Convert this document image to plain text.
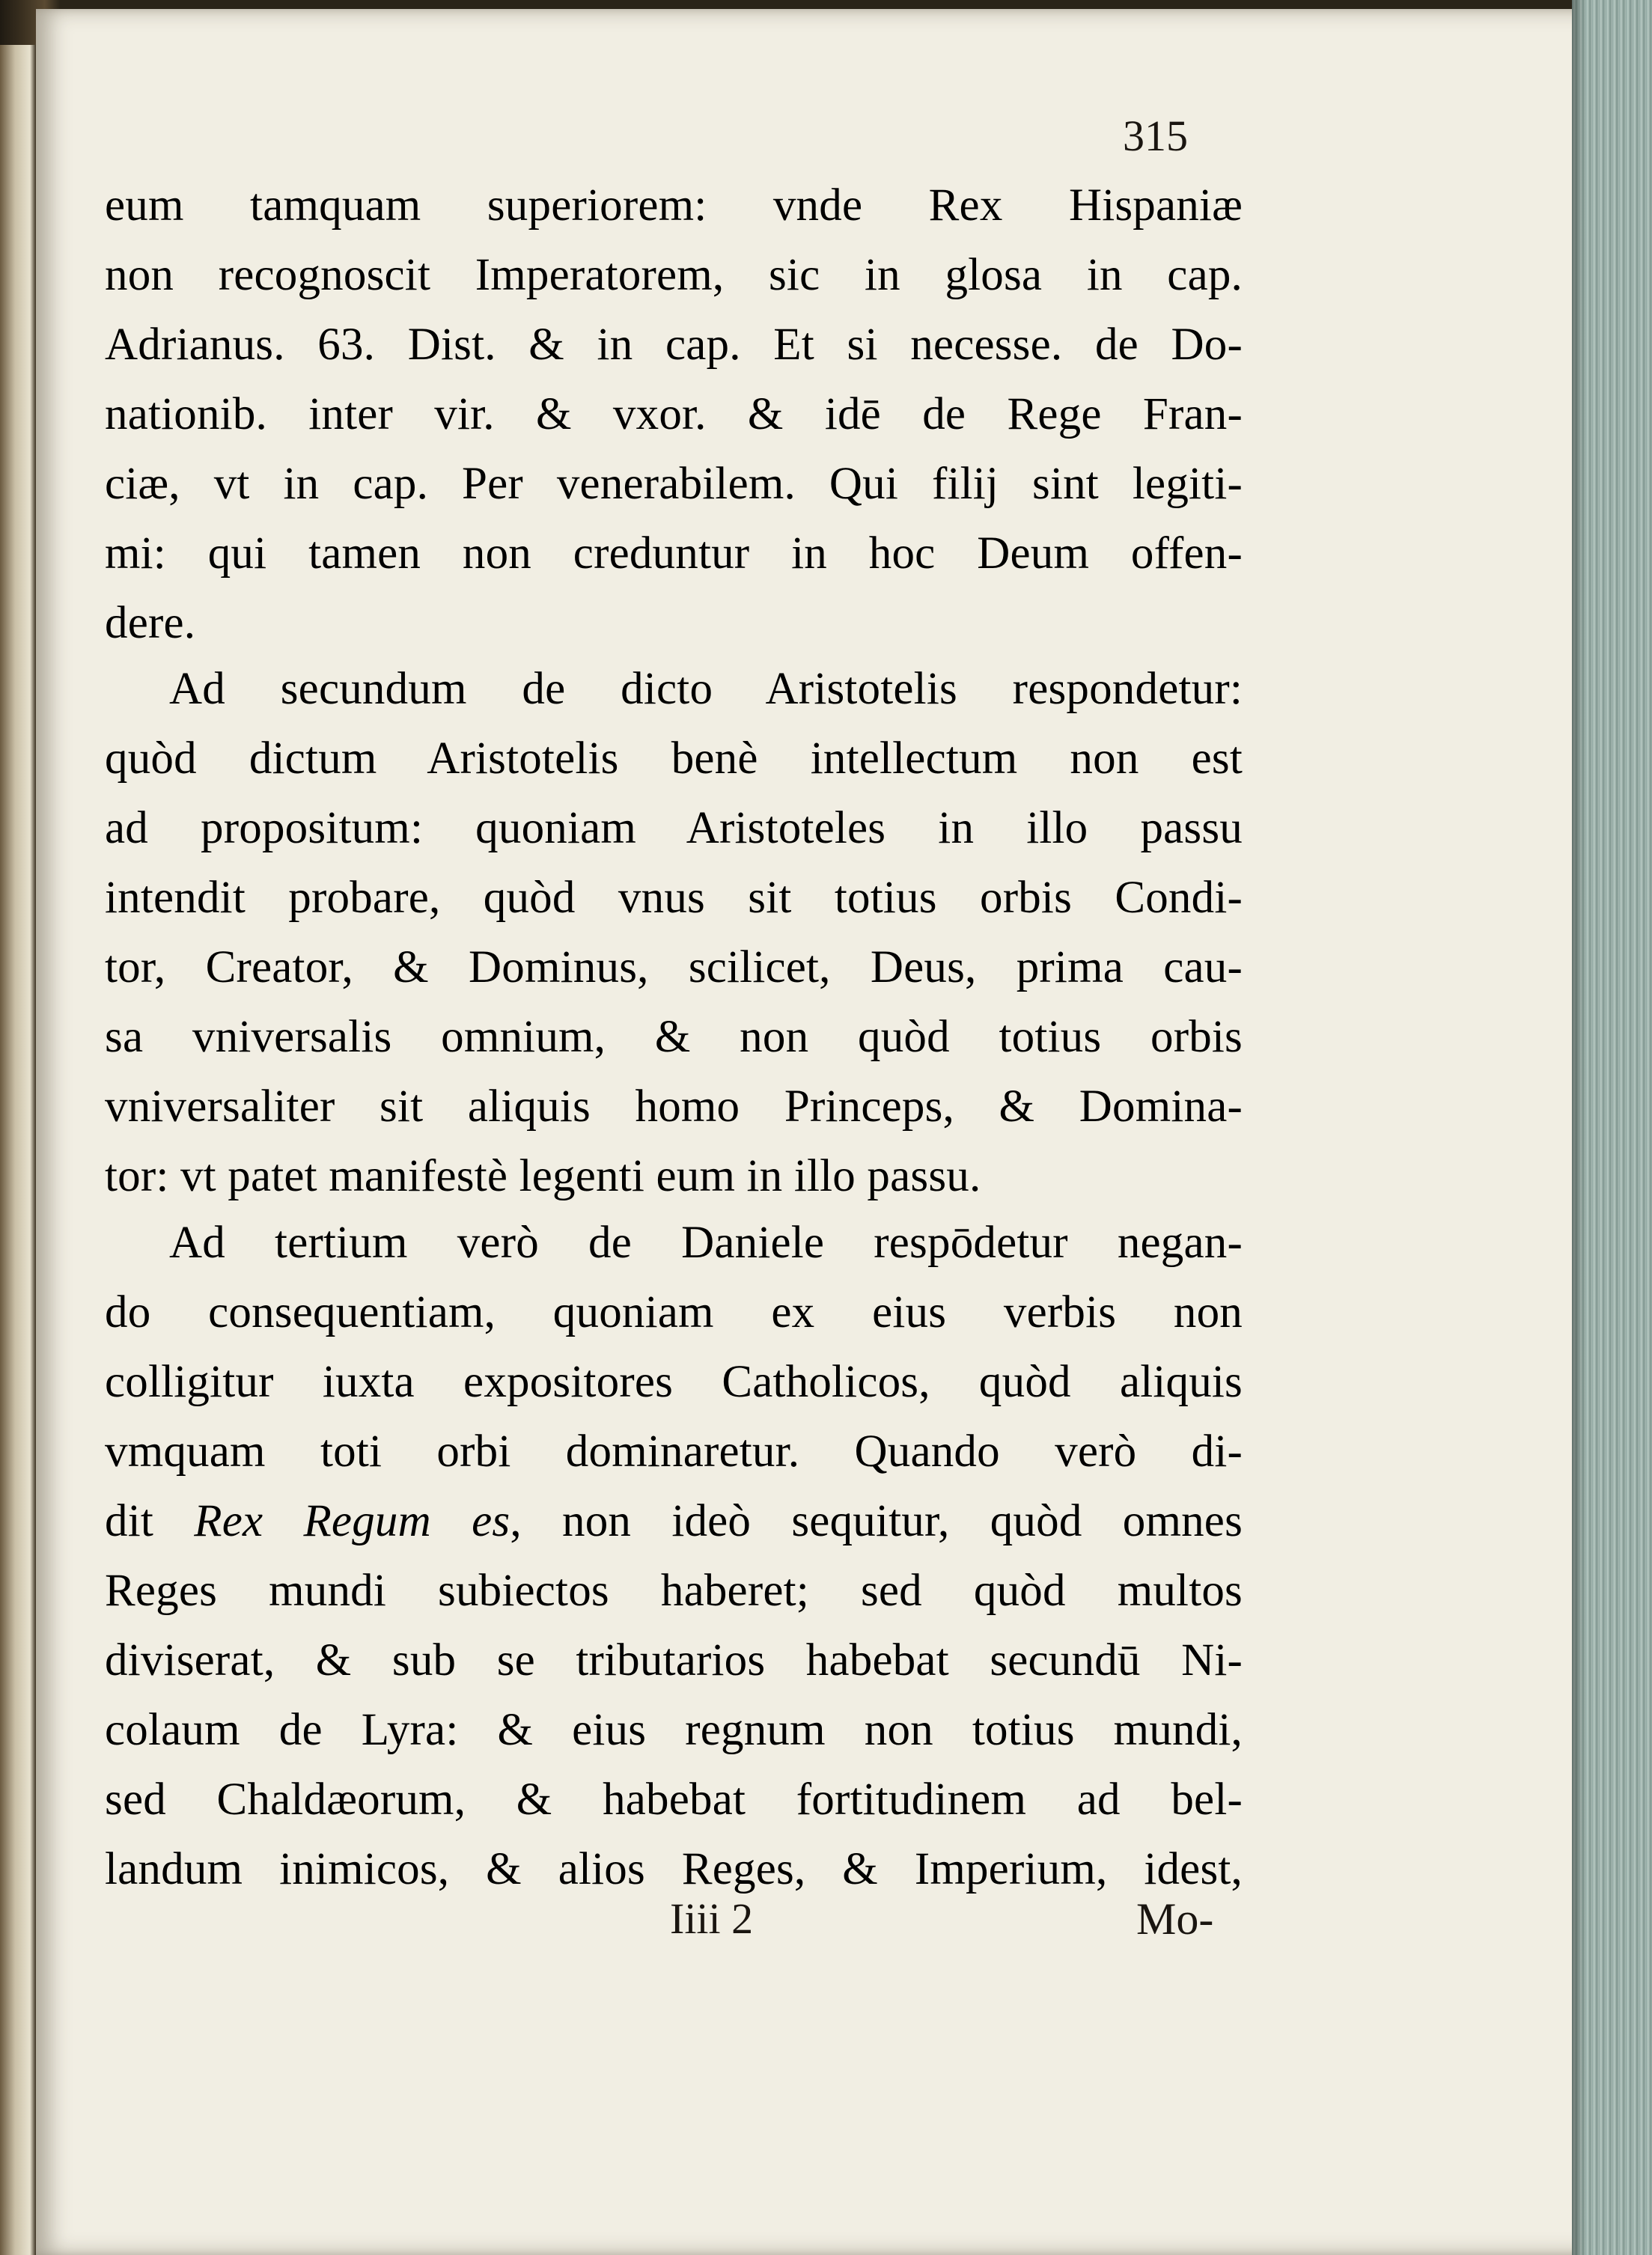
315
eum tamquam superiorem: vnde Rex Hispaniæ
non recognoscit Imperatorem, sic in glosa in cap.
Adrianus. 63. Dist. & in cap. Et si necesse. de Do-
nationib. inter vir. & vxor. & idē de Rege Fran-
ciæ, vt in cap. Per venerabilem. Qui filij sint legiti-
mi: qui tamen non creduntur in hoc Deum offen-
dere.
Ad secundum de dicto Aristotelis respondetur:
quòd dictum Aristotelis benè intellectum non est
ad propositum: quoniam Aristoteles in illo passu
intendit probare, quòd vnus sit totius orbis Condi-
tor, Creator, & Dominus, scilicet, Deus, prima cau-
sa vniversalis omnium, & non quòd totius orbis
vniversaliter sit aliquis homo Princeps, & Domina-
tor: vt patet manifestè legenti eum in illo passu.
Ad tertium verò de Daniele respōdetur negan-
do consequentiam, quoniam ex eius verbis non
colligitur iuxta expositores Catholicos, quòd aliquis
vmquam toti orbi dominaretur. Quando verò di-
dit Rex Regum es, non ideò sequitur, quòd omnes
Reges mundi subiectos haberet; sed quòd multos
diviserat, & sub se tributarios habebat secundū Ni-
colaum de Lyra: & eius regnum non totius mundi,
sed Chaldæorum, & habebat fortitudinem ad bel-
landum inimicos, & alios Reges, & Imperium, idest,
Iiii 2	Mo-
